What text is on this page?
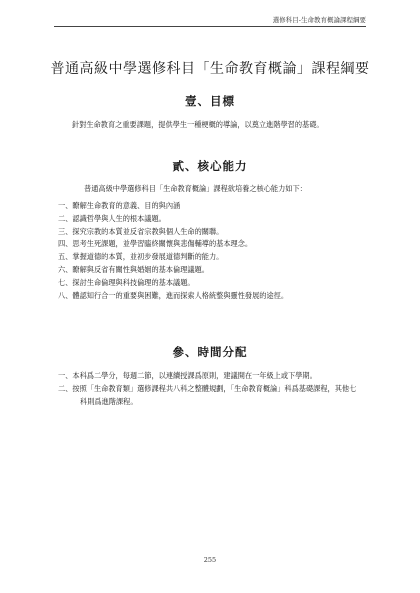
選修科目-生命教育概論課程綱要
普通高級中學選修科目「生命教育概論」課程綱要
壹、目標
針對生命教育之重要課題，提供學生一種梗概的導論，以奠立進階學習的基礎。
貳、核心能力
普通高級中學選修科目「生命教育概論」課程欲培養之核心能力如下：
一、瞭解生命教育的意義、目的與內涵
二、認識哲學與人生的根本議題。
三、探究宗教的本質並反省宗教與個人生命的關聯。
四、思考生死課題，並學習臨終關懷與悲傷輔導的基本理念。
五、掌握道德的本質，並初步發展道德判斷的能力。
六、瞭解與反省有關性與婚姻的基本倫理議題。
七、探討生命倫理與科技倫理的基本議題。
八、體認知行合一的重要與困難，進而探索人格統整與靈性發展的途徑。
參、時間分配
一、本科爲二學分，每週二節，以連續授課爲原則，建議開在一年級上或下學期。
二、按照「生命教育類」選修課程共八科之整體規劃，「生命教育概論」科爲基礎課程，其他七科則爲進階課程。
255
